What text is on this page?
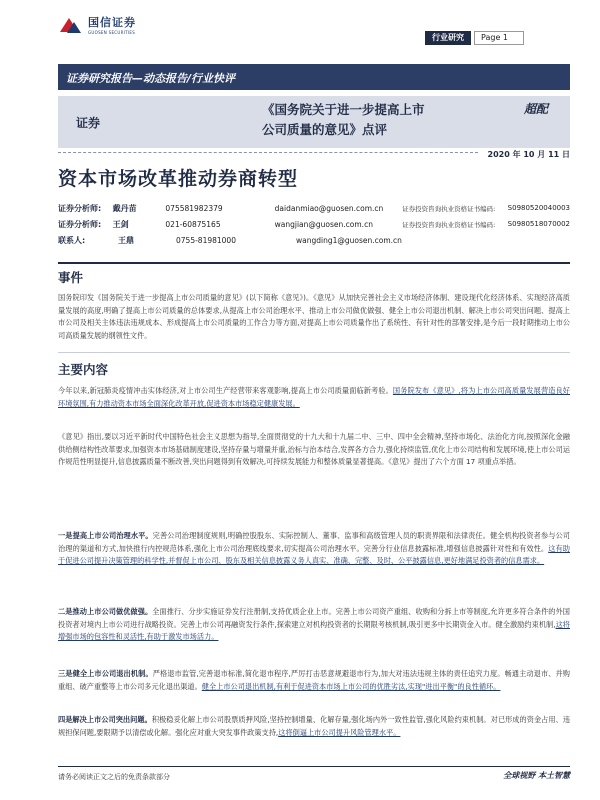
国信证券
GUOSEN SECURITIES
行业研究	Page 1
证券研究报告—动态报告/行业快评
证券
《国务院关于进一步提高上市
公司质量的意见》点评
超配
2020 年 10 月 11 日
资本市场改革推动券商转型
证券分析师:	戴丹苗	0755819​82379	daidanmiao@guosen.com.cn	证券投资咨询执业资格证书编码:	S0980520040003
证券分析师:	王剑	021-60875165	wangjian@guosen.com.cn	证券投资咨询执业资格证书编码:	S0980518070002
联系人:	王鼎	0755-81981000	wangding1@guosen.com.cn
事件
国务院印发《国务院关于进一步提高上市公司质量的意见》(以下简称《意见》)。《意见》从加快完善社会主义市场经济体制、建设现代化经济体系、实现经济高质量发展的高度,明确了提高上市公司质量的总体要求,从提高上市公司治理水平、推动上市公司做优做强、健全上市公司退出机制、解决上市公司突出问题、提高上市公司及相关主体违法违规成本、形成提高上市公司质量的工作合力等方面,对提高上市公司质量作出了系统性、有针对性的部署安排,是今后一段时期推动上市公司高质量发展的纲领性文件。
主要内容
今年以来,新冠肺炎疫情冲击实体经济,对上市公司生产经营带来客观影响,提高上市公司质量面临新考验。国务院发布《意见》,将为上市公司高质量发展营造良好环境氛围,有力推动资本市场全面深化改革开放,促进资本市场稳定健康发展。
《意见》指出,要以习近平新时代中国特色社会主义思想为指导,全面贯彻党的十九大和十九届二中、三中、四中全会精神,坚持市场化、法治化方向,按照深化金融供给侧结构性改革要求,加强资本市场基础制度建设,坚持存量与增量并重,治标与治本结合,发挥各方合力,强化持续监管,优化上市公司结构和发展环境,使上市公司运作规范性明显提升,信息披露质量不断改善,突出问题得到有效解决,可持续发展能力和整体质量显著提高。《意见》提出了六个方面 17 项重点举措。
一是提高上市公司治理水平。完善公司治理制度规则,明确控股股东、实际控制人、董事、监事和高级管理人员的职责界限和法律责任。健全机构投资者参与公司治理的渠道和方式,加快推行内控规范体系,强化上市公司治理底线要求,切实提高公司治理水平。完善分行业信息披露标准,增强信息披露针对性和有效性。这有助于促进公司提升决策管理的科学性,并督促上市公司、股东及相关信息披露义务人真实、准确、完整、及时、公平披露信息,更好地满足投资者的信息需求。
二是推动上市公司做优做强。全面推行、分步实施证券发行注册制,支持优质企业上市。完善上市公司资产重组、收购和分拆上市等制度,允许更多符合条件的外国投资者对境内上市公司进行战略投资。完善上市公司再融资发行条件,探索建立对机构投资者的长期限考核机制,吸引更多中长期资金入市。健全激励约束机制,这将增强市场的包容性和灵活性,有助于激发市场活力。
三是健全上市公司退出机制。严格退市监管,完善退市标准,简化退市程序,严厉打击恶意规避退市行为,加大对违法违规主体的责任追究力度。畅通主动退市、并购重组、破产重整等上市公司多元化退出渠道。健全上市公司退出机制,有利于促进资本市场上市公司的优胜劣汰,实现"进出平衡"的良性循环。
四是解决上市公司突出问题。积极稳妥化解上市公司股票质押风险,坚持控制增量、化解存量,强化场内外一致性监管,强化风险约束机制。对已形成的资金占用、违规担保问题,要限期予以清偿或化解。强化应对重大突发事件政策支持,这将倒逼上市公司提升风险管理水平。
请务必阅读正文之后的免责条款部分	全球视野 本土智慧
